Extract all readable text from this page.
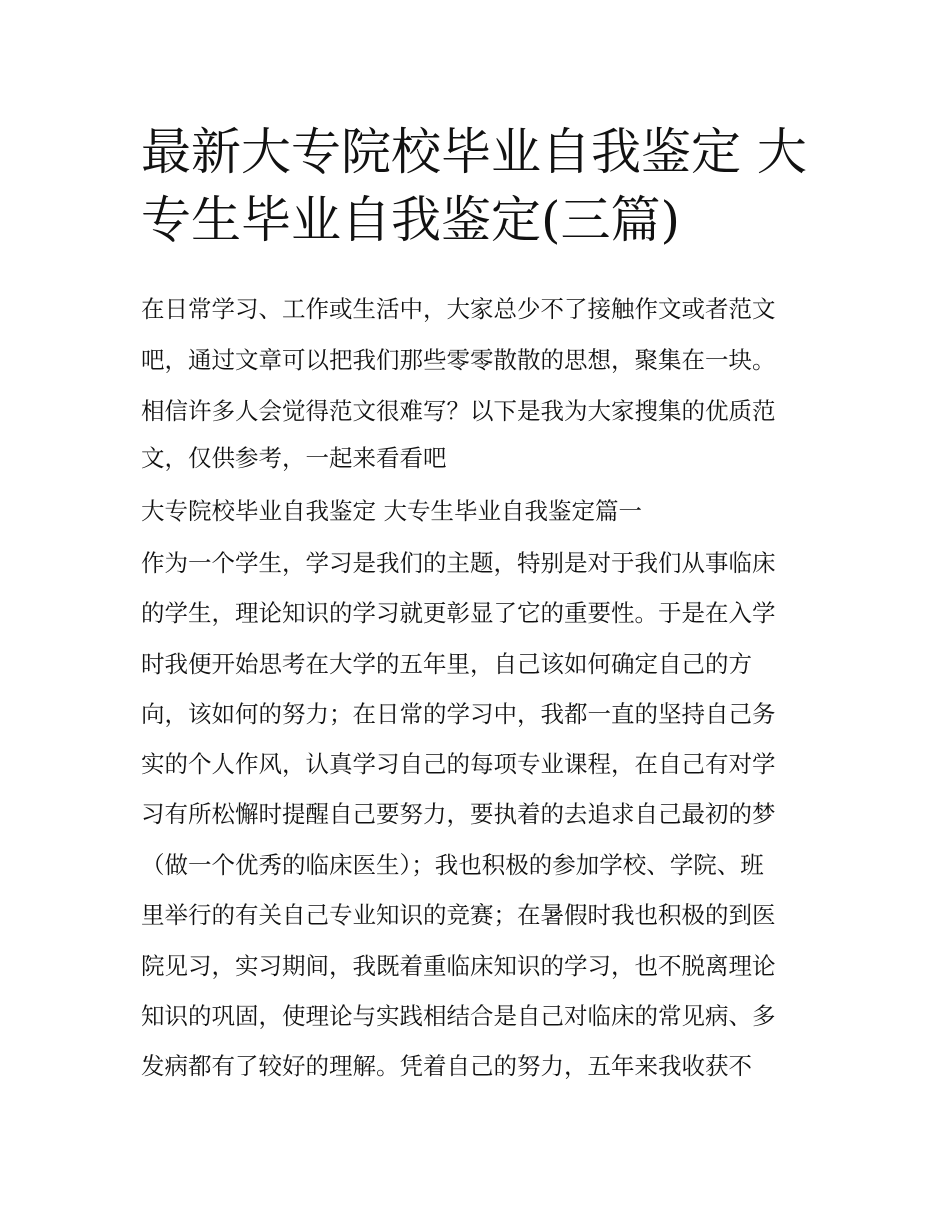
最新大专院校毕业自我鉴定 大
专生毕业自我鉴定(三篇)
在日常学习、工作或生活中，大家总少不了接触作文或者范文
吧，通过文章可以把我们那些零零散散的思想，聚集在一块。
相信许多人会觉得范文很难写？以下是我为大家搜集的优质范
文，仅供参考，一起来看看吧
大专院校毕业自我鉴定 大专生毕业自我鉴定篇一
作为一个学生，学习是我们的主题，特别是对于我们从事临床
的学生，理论知识的学习就更彰显了它的重要性。于是在入学
时我便开始思考在大学的五年里，自己该如何确定自己的方
向，该如何的努力；在日常的学习中，我都一直的坚持自己务
实的个人作风，认真学习自己的每项专业课程，在自己有对学
习有所松懈时提醒自己要努力，要执着的去追求自己最初的梦
（做一个优秀的临床医生）；我也积极的参加学校、学院、班
里举行的有关自己专业知识的竞赛；在暑假时我也积极的到医
院见习，实习期间，我既着重临床知识的学习，也不脱离理论
知识的巩固，使理论与实践相结合是自己对临床的常见病、多
发病都有了较好的理解。凭着自己的努力，五年来我收获不
